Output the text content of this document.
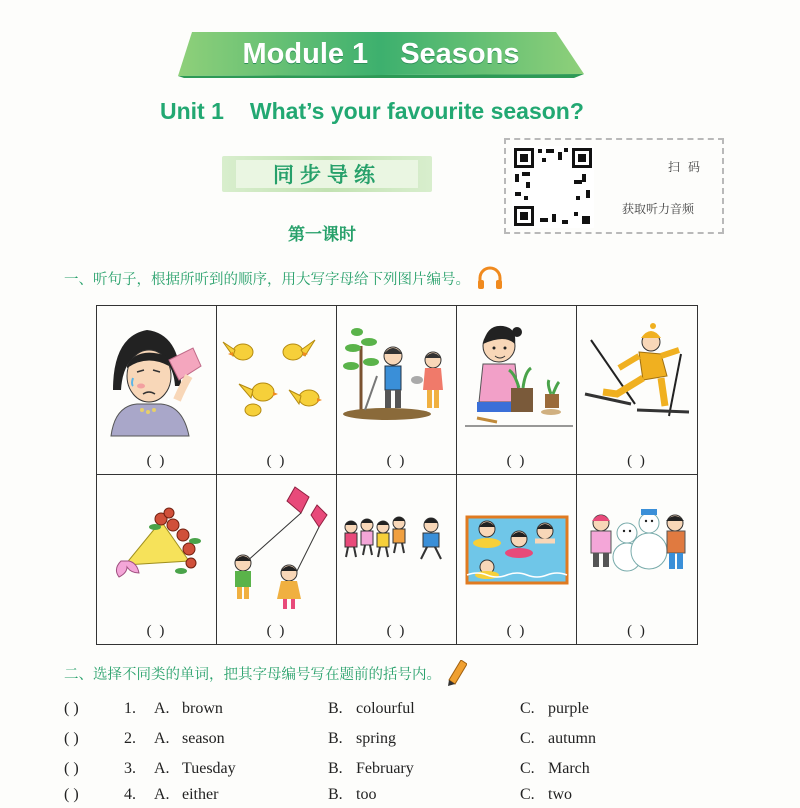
Module 1 Seasons
Unit 1 What’s your favourite season?
同步导练	扫码
获取听力音频
第一课时
一、听句子，根据所听到的顺序，用大写字母给下列图片编号。
( )	( )	( )	( )	( )
( )	( )	( )	( )	( )
二、选择不同类的单词，把其字母编号写在题前的括号内。
( )	1. A. brown	B. colourful	C. purple
( )	2. A. season	B. spring	C. autumn
( )	3. A. Tuesday	B. February	C. March
( )	4. A. either	B. too	C. two
